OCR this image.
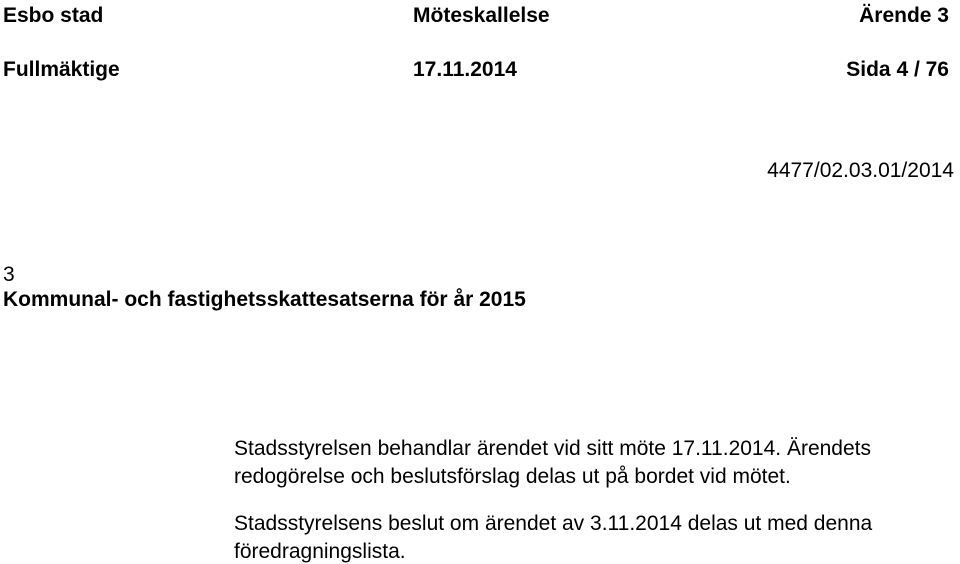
Esbo stad	Möteskallelse	Ärende 3
Fullmäktige	17.11.2014	Sida 4 / 76
4477/02.03.01/2014
3
Kommunal- och fastighetsskattesatserna för år 2015

Stadsstyrelsen behandlar ärendet vid sitt möte 17.11.2014. Ärendets redogörelse och beslutsförslag delas ut på bordet vid mötet.

Stadsstyrelsens beslut om ärendet av 3.11.2014 delas ut med denna föredragningslista.
